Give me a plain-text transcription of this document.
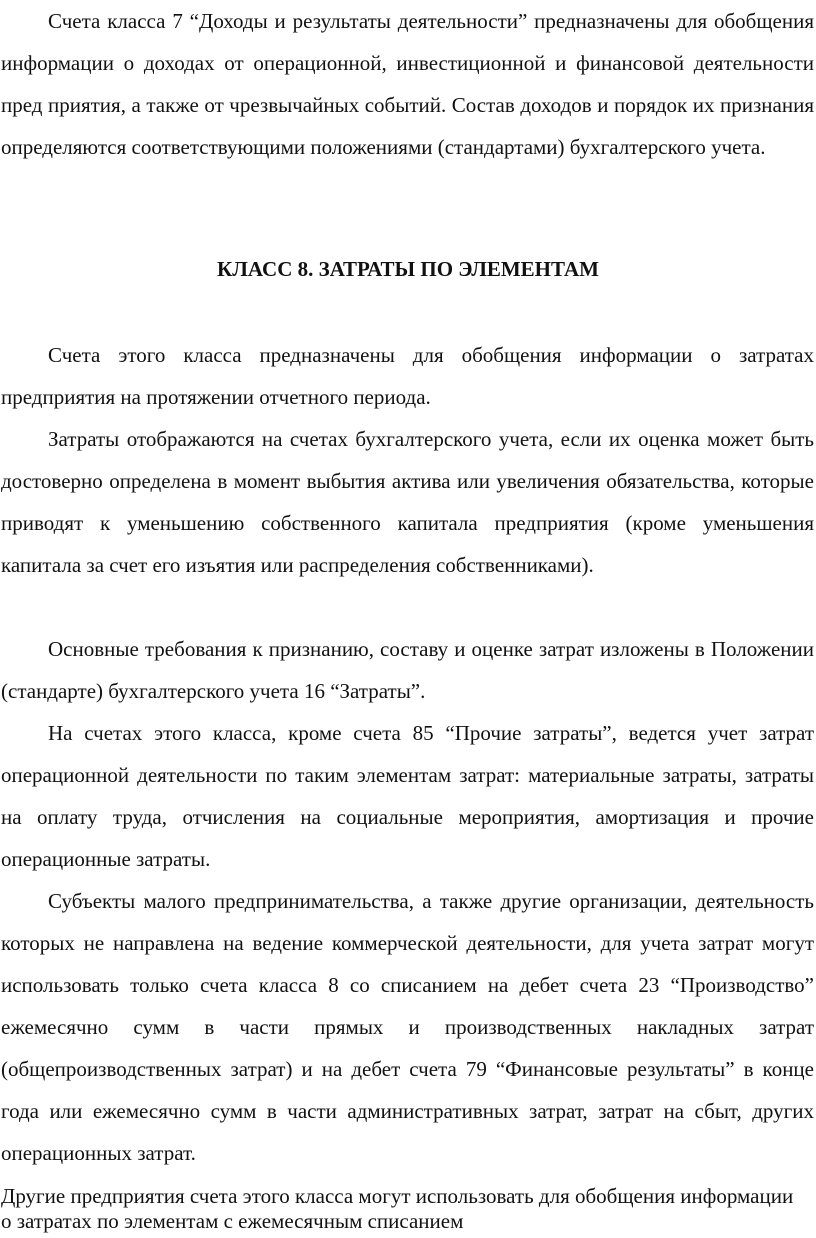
Счета класса 7 “Доходы и результаты деятельности” предназначены для обобщения информации о доходах от операционной, инвестиционной и финансовой деятельности пред приятия, а также от чрезвычайных событий. Состав доходов и порядок их признания определяются соответствующими положениями (стандартами) бухгалтерского учета.

КЛАСС 8. ЗАТРАТЫ ПО ЭЛЕМЕНТАМ

Счета этого класса предназначены для обобщения информации о затратах предприятия на протяжении отчетного периода.

Затраты отображаются на счетах бухгалтерского учета, если их оценка может быть достоверно определена в момент выбытия актива или увеличения обязательства, которые приводят к уменьшению собственного капитала предприятия (кроме уменьшения капитала за счет его изъятия или распределения собственниками).

Основные требования к признанию, составу и оценке затрат изложены в Положении (стандарте) бухгалтерского учета 16 “Затраты”.

На счетах этого класса, кроме счета 85 “Прочие затраты”, ведется учет затрат операционной деятельности по таким элементам затрат: материальные затраты, затраты на оплату труда, отчисления на социальные мероприятия, амортизация и прочие операционные затраты.

Субъекты малого предпринимательства, а также другие организации, деятельность которых не направлена на ведение коммерческой деятельности, для учета затрат могут использовать только счета класса 8 со списанием на дебет счета 23 “Производство” ежемесячно сумм в части прямых и производственных накладных затрат (общепроизводственных затрат) и на дебет счета 79 “Финансовые результаты” в конце года или ежемесячно сумм в части административных затрат, затрат на сбыт, других операционных затрат.

Другие предприятия счета этого класса могут использовать для обобщения информации о затратах по элементам с ежемесячным списанием
